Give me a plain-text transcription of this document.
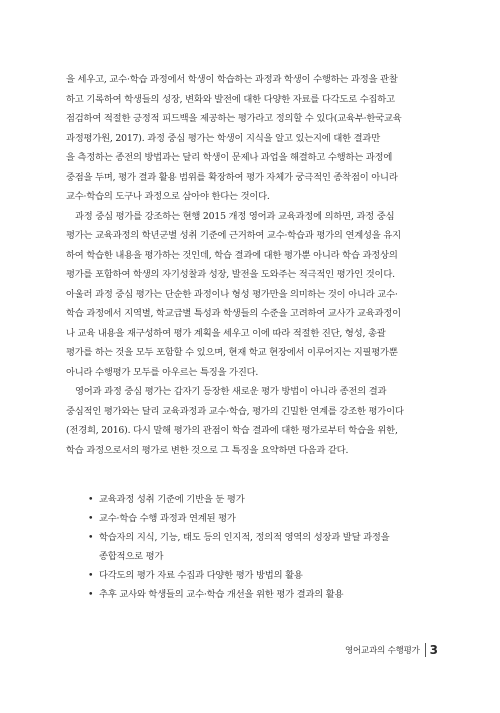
을 세우고, 교수·학습 과정에서 학생이 학습하는 과정과 학생이 수행하는 과정을 관찰
하고 기록하여 학생들의 성장, 변화와 발전에 대한 다양한 자료를 다각도로 수집하고
점검하여 적절한 긍정적 피드백을 제공하는 평가라고 정의할 수 있다(교육부·한국교육
과정평가원, 2017). 과정 중심 평가는 학생이 지식을 알고 있는지에 대한 결과만
을 측정하는 종전의 방법과는 달리 학생이 문제나 과업을 해결하고 수행하는 과정에
중점을 두며, 평가 결과 활용 범위를 확장하여 평가 자체가 궁극적인 종착점이 아니라
교수·학습의 도구나 과정으로 삼아야 한다는 것이다.

과정 중심 평가를 강조하는 현행 2015 개정 영어과 교육과정에 의하면, 과정 중심
평가는 교육과정의 학년군별 성취 기준에 근거하여 교수·학습과 평가의 연계성을 유지
하여 학습한 내용을 평가하는 것인데, 학습 결과에 대한 평가뿐 아니라 학습 과정상의
평가를 포함하여 학생의 자기성찰과 성장, 발전을 도와주는 적극적인 평가인 것이다.
아울러 과정 중심 평가는 단순한 과정이나 형성 평가만을 의미하는 것이 아니라 교수·
학습 과정에서 지역별, 학교급별 특성과 학생들의 수준을 고려하여 교사가 교육과정이
나 교육 내용을 재구성하여 평가 계획을 세우고 이에 따라 적절한 진단, 형성, 총괄
평가를 하는 것을 모두 포함할 수 있으며, 현재 학교 현장에서 이루어지는 지필평가뿐
아니라 수행평가 모두를 아우르는 특징을 가진다.

영어과 과정 중심 평가는 갑자기 등장한 새로운 평가 방법이 아니라 종전의 결과
중심적인 평가와는 달리 교육과정과 교수·학습, 평가의 긴밀한 연계를 강조한 평가이다
(전경희, 2016). 다시 말해 평가의 관점이 학습 결과에 대한 평가로부터 학습을 위한,
학습 과정으로서의 평가로 변한 것으로 그 특징을 요약하면 다음과 같다.

• 교육과정 성취 기준에 기반을 둔 평가
• 교수·학습 수행 과정과 연계된 평가
• 학습자의 지식, 기능, 태도 등의 인지적, 정의적 영역의 성장과 발달 과정을
종합적으로 평가
• 다각도의 평가 자료 수집과 다양한 평가 방법의 활용
• 추후 교사와 학생들의 교수·학습 개선을 위한 평가 결과의 활용
영어교과의 수행평가 3
